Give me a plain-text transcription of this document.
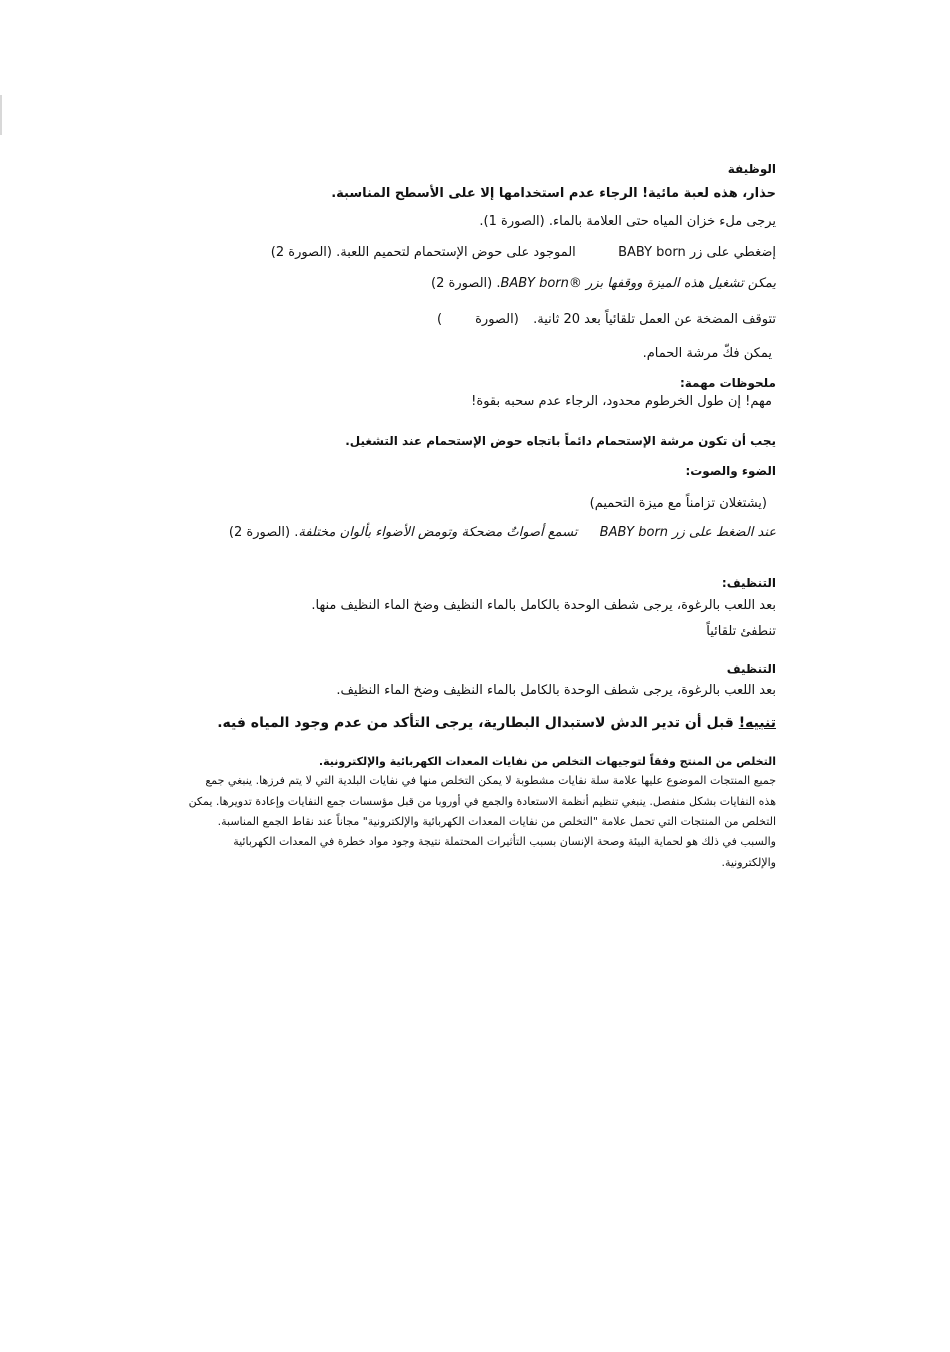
الوظيفة
حذار، هذه لعبة مائية! الرجاء عدم استخدامها إلا على الأسطح المناسبة.
يرجى ملء خزان المياه حتى العلامة بالماء. (الصورة 1).
إضغطي على زر BABY born  الموجود على حوض الإستحمام لتحميم اللعبة. (الصورة 2)
يمكن تشغيل هذه الميزة ووقفها بزر BABY born®. (الصورة 2)
تتوقف المضخة عن العمل تلقائياً بعد 20 ثانية.  (الصورة        )
يمكن فكّ مرشة الحمام.
ملحوظات مهمة:
مهم! إن طول الخرطوم محدود، الرجاء عدم سحبه بقوة!
يجب أن تكون مرشة الإستحمام دائماً باتجاه حوض الإستحمام عند التشغيل.
الضوء والصوت:
(يشتغلان تزامناً مع ميزة التحميم)
عند الضغط على زر BABY born  تسمع أصواتٌ مضحكة وتومض الأضواء بألوان مختلفة. (الصورة 2)
التنظيف:
بعد اللعب بالرغوة، يرجى شطف الوحدة بالكامل بالماء النظيف وضخ الماء النظيف منها.
تنطفئ تلقائياً
التنظيف
بعد اللعب بالرغوة، يرجى شطف الوحدة بالكامل بالماء النظيف وضخ الماء النظيف.
تنبيه! قبل أن تدير الدش لاستبدال البطارية، يرجى التأكد من عدم وجود المياه فيه.
التخلص من المنتج وفقاً لتوجيهات التخلص من نفايات المعدات الكهربائية والإلكترونية.
جميع المنتجات الموضوع عليها علامة سلة نفايات مشطوبة لا يمكن التخلص منها في نفايات البلدية التي لا يتم فرزها. ينبغي جمع
هذه النفايات بشكل منفصل. ينبغي تنظيم أنظمة الاستعادة والجمع في أوروبا من قبل مؤسسات جمع النفايات وإعادة تدويرها. يمكن
التخلص من المنتجات التي تحمل علامة "التخلص من نفايات المعدات الكهربائية والإلكترونية" مجاناً عند نقاط الجمع المناسبة.
والسبب في ذلك هو لحماية البيئة وصحة الإنسان بسبب التأثيرات المحتملة نتيجة وجود مواد خطرة في المعدات الكهربائية
والإلكترونية.
